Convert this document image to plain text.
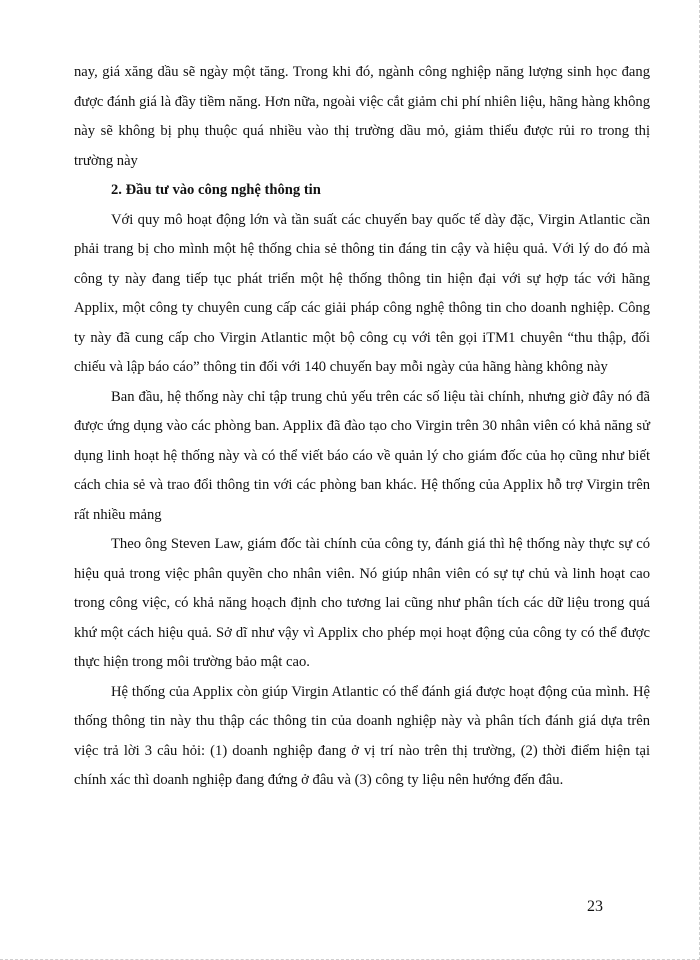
nay, giá xăng dầu sẽ ngày một tăng. Trong khi đó, ngành công nghiệp năng lượng sinh học đang được đánh giá là đầy tiềm năng. Hơn nữa, ngoài việc cắt giảm chi phí nhiên liệu, hãng hàng không này sẽ không bị phụ thuộc quá nhiều vào thị trường dầu mỏ, giảm thiểu được rủi ro trong thị trường này

2. Đầu tư vào công nghệ thông tin

Với quy mô hoạt động lớn và tần suất các chuyến bay quốc tế dày đặc, Virgin Atlantic cần phải trang bị cho mình một hệ thống chia sẻ thông tin đáng tin cậy và hiệu quả. Với lý do đó mà công ty này đang tiếp tục phát triển một hệ thống thông tin hiện đại với sự hợp tác với hãng Applix, một công ty chuyên cung cấp các giải pháp công nghệ thông tin cho doanh nghiệp. Công ty này đã cung cấp cho Virgin Atlantic một bộ công cụ với tên gọi iTM1 chuyên “thu thập, đối chiếu và lập báo cáo” thông tin đối với 140 chuyến bay mỗi ngày của hãng hàng không này

Ban đầu, hệ thống này chỉ tập trung chủ yếu trên các số liệu tài chính, nhưng giờ đây nó đã được ứng dụng vào các phòng ban. Applix đã đào tạo cho Virgin trên 30 nhân viên có khả năng sử dụng linh hoạt hệ thống này và có thể viết báo cáo về quản lý cho giám đốc của họ cũng như biết cách chia sẻ và trao đổi thông tin với các phòng ban khác. Hệ thống của Applix hỗ trợ Virgin trên rất nhiều mảng

Theo ông Steven Law, giám đốc tài chính của công ty, đánh giá thì hệ thống này thực sự có hiệu quả trong việc phân quyền cho nhân viên. Nó giúp nhân viên có sự tự chủ và linh hoạt cao trong công việc, có khả năng hoạch định cho tương lai cũng như phân tích các dữ liệu trong quá khứ một cách hiệu quả. Sở dĩ như vậy vì Applix cho phép mọi hoạt động của công ty có thể được thực hiện trong môi trường bảo mật cao.

Hệ thống của Applix còn giúp Virgin Atlantic có thể đánh giá được hoạt động của mình. Hệ thống thông tin này thu thập các thông tin của doanh nghiệp này và phân tích đánh giá dựa trên việc trả lời 3 câu hỏi: (1) doanh nghiệp đang ở vị trí nào trên thị trường, (2) thời điểm hiện tại chính xác thì doanh nghiệp đang đứng ở đâu và (3) công ty liệu nên hướng đến đâu.

23
